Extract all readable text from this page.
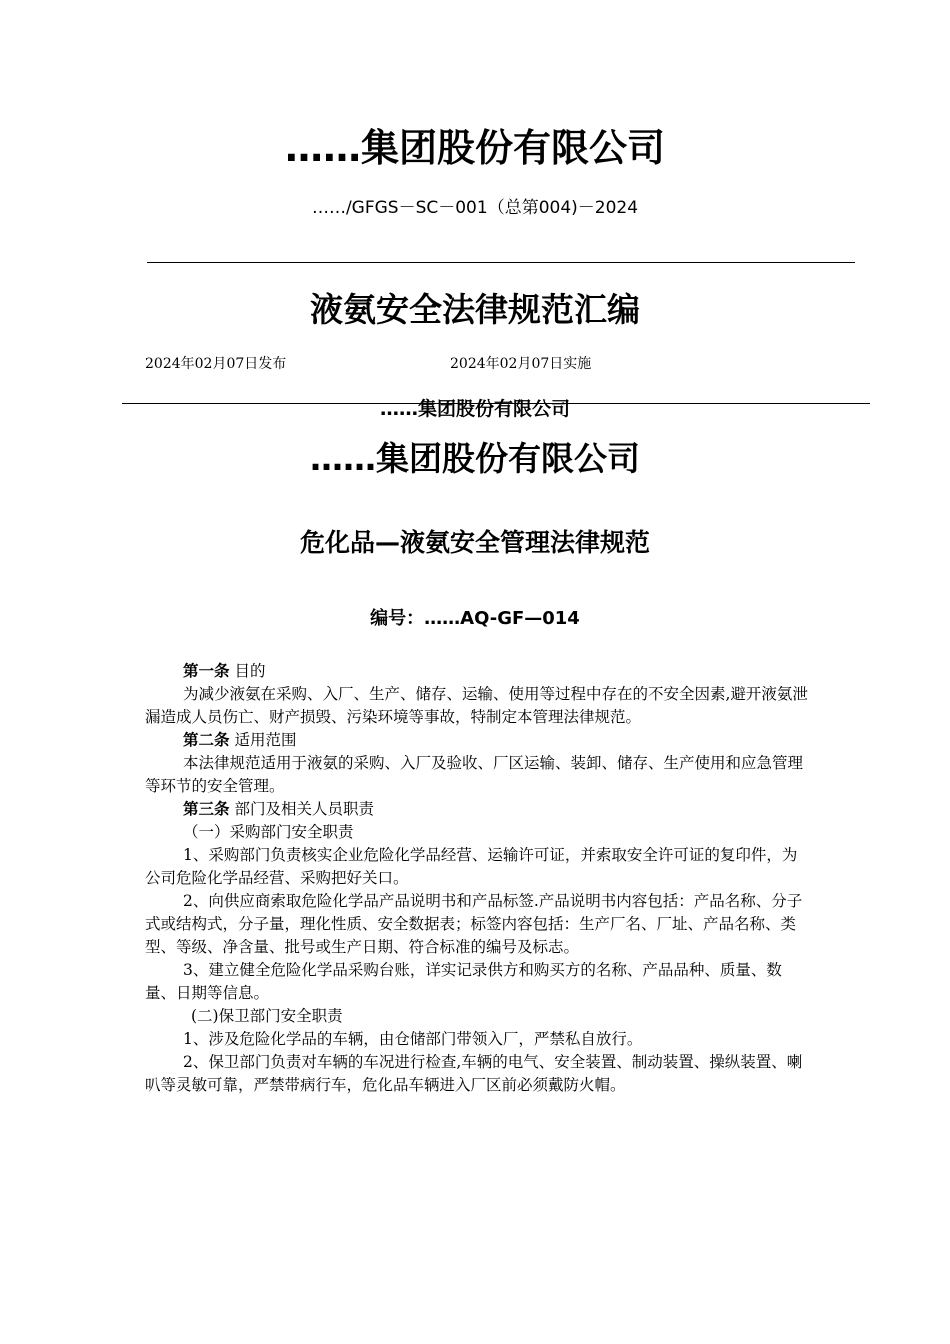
……集团股份有限公司
……/GFGS－SC－001（总第004)－2024
液氨安全法律规范汇编
2024年02月07日发布	2024年02月07日实施
……集团股份有限公司
……集团股份有限公司
危化品—液氨安全管理法律规范
编号：……AQ-GF—014

第一条 目的

为减少液氨在采购、入厂、生产、储存、运输、使用等过程中存在的不安全因素,避开液氨泄漏造成人员伤亡、财产损毁、污染环境等事故，特制定本管理法律规范。

第二条 适用范围

本法律规范适用于液氨的采购、入厂及验收、厂区运输、装卸、储存、生产使用和应急管理等环节的安全管理。

第三条 部门及相关人员职责

（一）采购部门安全职责

1、采购部门负责核实企业危险化学品经营、运输许可证，并索取安全许可证的复印件，为公司危险化学品经营、采购把好关口。

2、向供应商索取危险化学品产品说明书和产品标签.产品说明书内容包括：产品名称、分子式或结构式，分子量，理化性质、安全数据表；标签内容包括：生产厂名、厂址、产品名称、类型、等级、净含量、批号或生产日期、符合标准的编号及标志。

3、建立健全危险化学品采购台账，详实记录供方和购买方的名称、产品品种、质量、数量、日期等信息。

(二)保卫部门安全职责

1、涉及危险化学品的车辆，由仓储部门带领入厂，严禁私自放行。

2、保卫部门负责对车辆的车况进行检查,车辆的电气、安全装置、制动装置、操纵装置、喇叭等灵敏可靠，严禁带病行车，危化品车辆进入厂区前必须戴防火帽。
